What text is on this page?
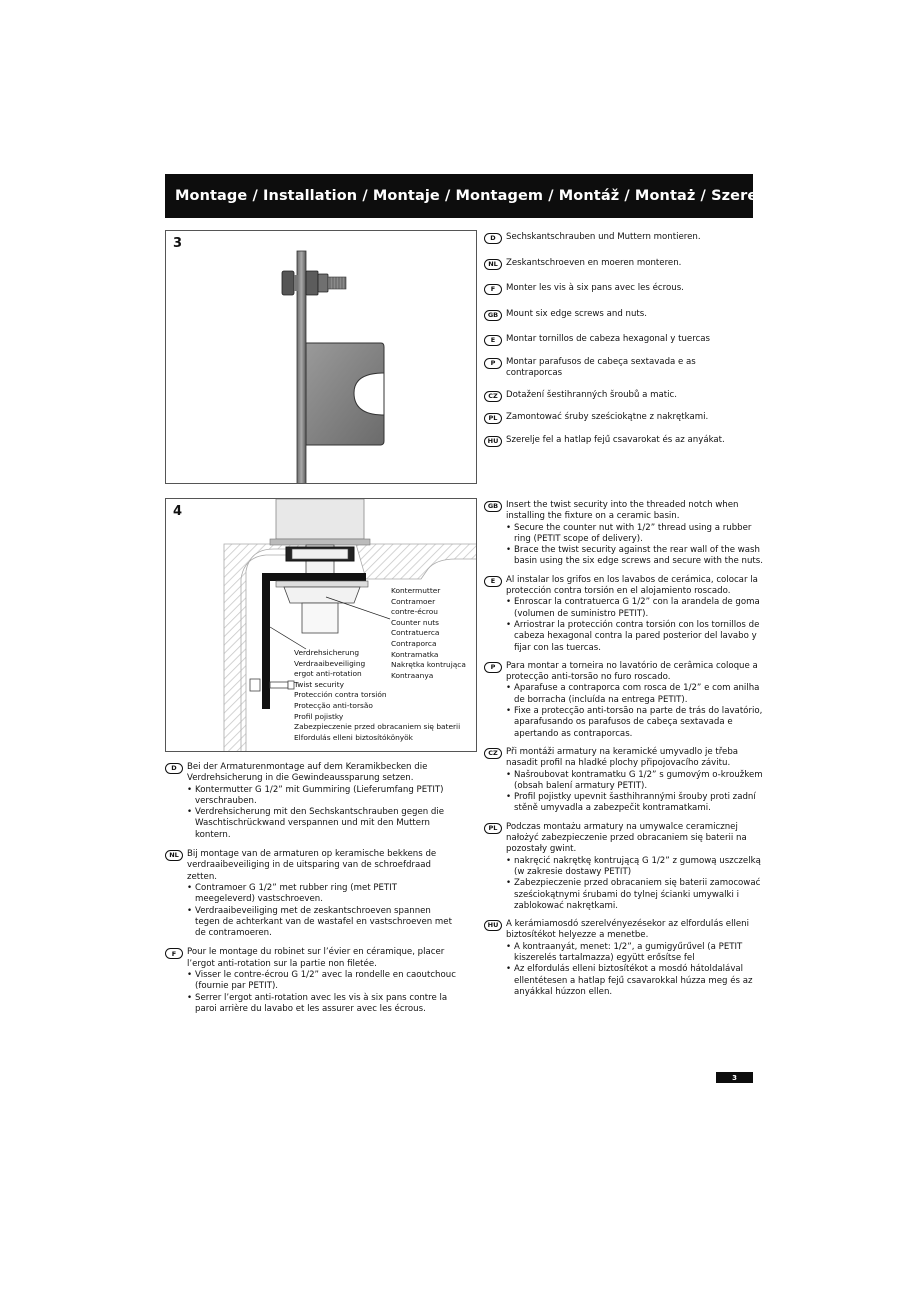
Montage / Installation / Montaje / Montagem / Montáž / Montaż / Szerelés
3	D	Sechskantschrauben und Muttern montieren.
NL Zeskantschroeven en moeren monteren.
F	Monter les vis à six pans avec les écrous.
GB Mount six edge screws and nuts.
E	Montar tornillos de cabeza hexagonal y tuercas
P	Montar parafusos de cabeça sextavada e as contraporcas
CZ Dotažení šestihranných šroubů a matic.
PL Zamontować śruby sześciokątne z nakrętkami.
HU Szerelje fel a hatlap fejű csavarokat és az anyákat.
4
Kontermutter
Contramoer
contre-écrou
Counter nuts
Contratuerca
Contraporca
Kontramatka
Nakrętka kontrująca
Kontraanya
Verdrehsicherung
Verdraaibeveiliging
ergot anti-rotation
Twist security
Protección contra torsión
Protecção anti-torsão
Profil pojistky
Zabezpieczenie przed obracaniem się baterii
Elfordulás elleni biztosítókönyök
GB Insert the twist security into the threaded notch when installing the fixture on a ceramic basin.
• Secure the counter nut with 1/2” thread using a rubber ring (PETIT scope of delivery).
• Brace the twist security against the rear wall of the wash basin using the six edge screws and secure with the nuts.
E	Al instalar los grifos en los lavabos de cerámica, colocar la protección contra torsión en el alojamiento roscado.
• Enroscar la contratuerca G 1/2” con la arandela de goma (volumen de suministro PETIT).
• Arriostrar la protección contra torsión con los tornillos de cabeza hexagonal contra la pared posterior del lavabo y fijar con las tuercas.
P	Para montar a torneira no lavatório de cerâmica coloque a protecção anti-torsão no furo roscado.
• Aparafuse a contraporca com rosca de 1/2” e com anilha de borracha (incluída na entrega PETIT).
• Fixe a protecção anti-torsão na parte de trás do lavatório, aparafusando os parafusos de cabeça sextavada e apertando as contraporcas.
CZ Při montáži armatury na keramické umyvadlo je třeba nasadit profil na hladké plochy připojovacího závitu.
• Našroubovat kontramatku G 1/2” s gumovým o-kroužkem (obsah balení armatury PETIT).
• Profil pojistky upevnit šasthihrannými šrouby proti zadní stěně umyvadla a zabezpečit kontramatkami.
PL Podczas montażu armatury na umywalce ceramicznej nałożyć zabezpieczenie przed obracaniem się baterii na pozostały gwint.
• nakręcić nakrętkę kontrującą G 1/2” z gumową uszczelką (w zakresie dostawy PETIT)
• Zabezpieczenie przed obracaniem się baterii zamocować sześciokątnymi śrubami do tylnej ścianki umywalki i zablokować nakrętkami.
HU A kerámiamosdó szerelvényezésekor az elfordulás elleni biztosítékot helyezze a menetbe.
• A kontraanyát, menet: 1/2”, a gumigyűrűvel (a PETIT kiszerelés tartalmazza) együtt erősítse fel
• Az elfordulás elleni biztosítékot a mosdó hátoldalával ellentétesen a hatlap fejű csavarokkal húzza meg és az anyákkal húzzon ellen.
D	Bei der Armaturenmontage auf dem Keramikbecken die Verdrehsicherung in die Gewindeaussparung setzen.
• Kontermutter G 1/2” mit Gummiring (Lieferumfang PETIT) verschrauben.
• Verdrehsicherung mit den Sechskantschrauben gegen die Waschtischrückwand verspannen und mit den Muttern kontern.
NL Bij montage van de armaturen op keramische bekkens de verdraaibeveiliging in de uitsparing van de schroefdraad zetten.
• Contramoer G 1/2” met rubber ring (met PETIT meegeleverd) vastschroeven.
• Verdraaibeveiliging met de zeskantschroeven spannen tegen de achterkant van de wastafel en vastschroeven met de contramoeren.
F	Pour le montage du robinet sur l’évier en céramique, placer l’ergot anti-rotation sur la partie non filetée.
• Visser le contre-écrou G 1/2” avec la rondelle en caoutchouc (fournie par PETIT).
• Serrer l’ergot anti-rotation avec les vis à six pans contre la paroi arrière du lavabo et les assurer avec les écrous.
3
